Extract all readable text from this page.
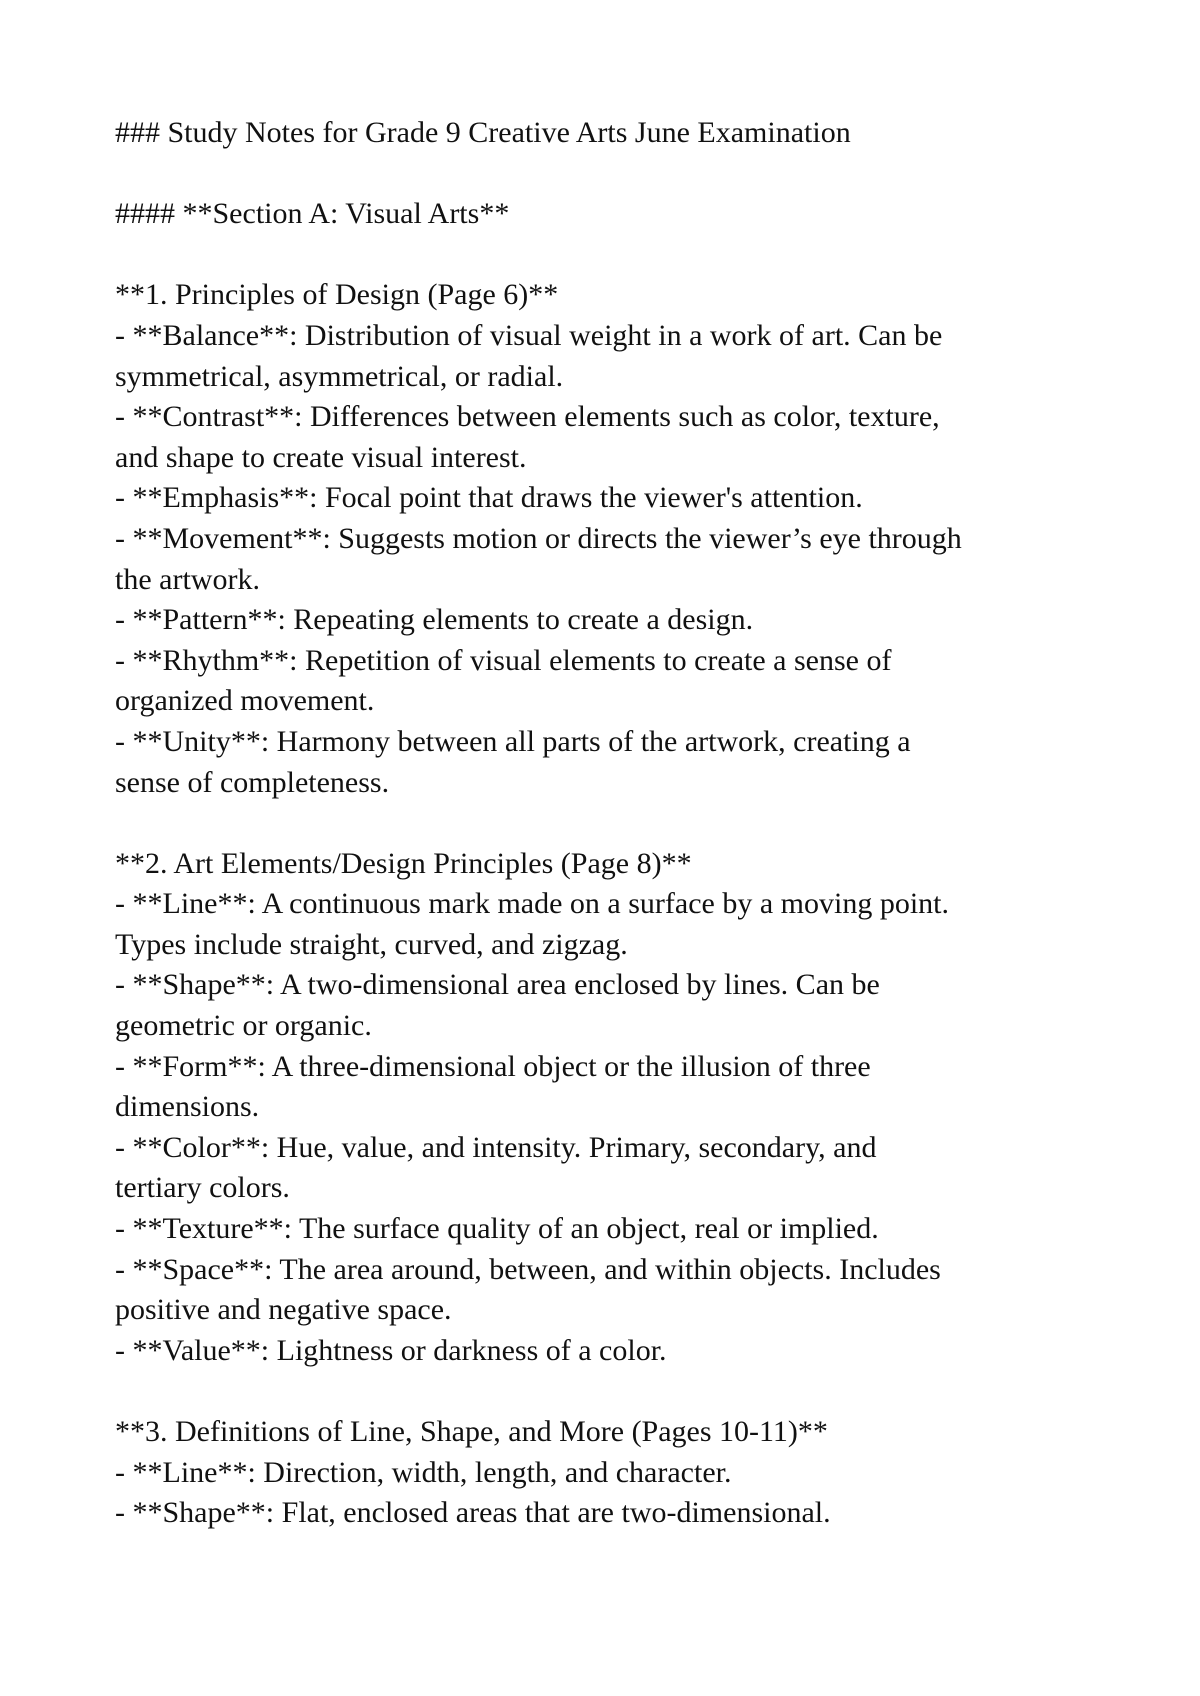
### Study Notes for Grade 9 Creative Arts June Examination

#### **Section A: Visual Arts**

**1. Principles of Design (Page 6)**

- **Balance**: Distribution of visual weight in a work of art. Can be

symmetrical, asymmetrical, or radial.

- **Contrast**: Differences between elements such as color, texture,

and shape to create visual interest.

- **Emphasis**: Focal point that draws the viewer's attention.

- **Movement**: Suggests motion or directs the viewer’s eye through

the artwork.

- **Pattern**: Repeating elements to create a design.

- **Rhythm**: Repetition of visual elements to create a sense of

organized movement.

- **Unity**: Harmony between all parts of the artwork, creating a

sense of completeness.

**2. Art Elements/Design Principles (Page 8)**

- **Line**: A continuous mark made on a surface by a moving point.

Types include straight, curved, and zigzag.

- **Shape**: A two-dimensional area enclosed by lines. Can be

geometric or organic.

- **Form**: A three-dimensional object or the illusion of three

dimensions.

- **Color**: Hue, value, and intensity. Primary, secondary, and

tertiary colors.

- **Texture**: The surface quality of an object, real or implied.

- **Space**: The area around, between, and within objects. Includes

positive and negative space.

- **Value**: Lightness or darkness of a color.

**3. Definitions of Line, Shape, and More (Pages 10-11)**

- **Line**: Direction, width, length, and character.

- **Shape**: Flat, enclosed areas that are two-dimensional.
